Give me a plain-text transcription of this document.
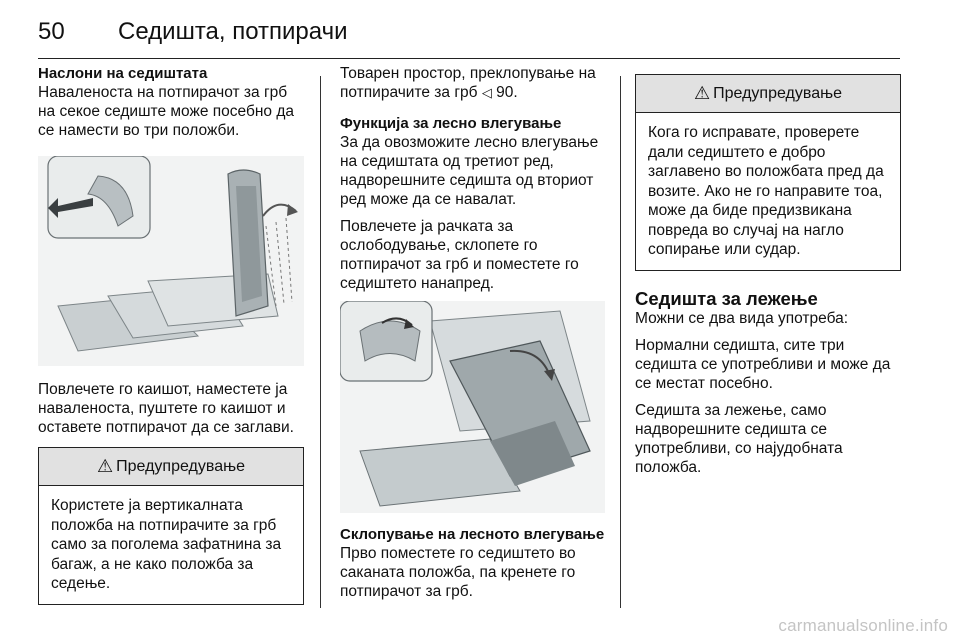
50 Седишта, потпирачи
Наслони на седиштата

Наваленоста на потпирачот за грб на секое седиште може посебно да се намести во три положби.

Повлечете го каишот, наместете ја наваленоста, пуштете го каишот и оставете потпирачот да се заглави.

⚠ Предупредување
Користете ја вертикалната положба на потпирачите за грб само за поголема зафатнина за багаж, а не како положба за седење.

Товарен простор, преклопување на потпирачите за грб ◁ 90.

Функција за лесно влегување

За да овозможите лесно влегување на седиштата од третиот ред, надворешните седишта од вториот ред може да се навалат.

Повлечете ја рачката за ослободување, склопете го потпирачот за грб и поместете го седиштето нанапред.

Склопување на лесното влегување

Прво поместете го седиштето во саканата положба, па кренете го потпирачот за грб.

⚠ Предупредување
Кога го исправате, проверете дали седиштето е добро заглавено во положбата пред да возите. Ако не го направите тоа, може да биде предизвикана повреда во случај на нагло сопирање или судар.
Седишта за лежење

Можни се два вида употреба:

Нормални седишта, сите три седишта се употребливи и може да се местат посебно.

Седишта за лежење, само надворешните седишта се употребливи, со најудобната положба.

carmanualsonline.info
